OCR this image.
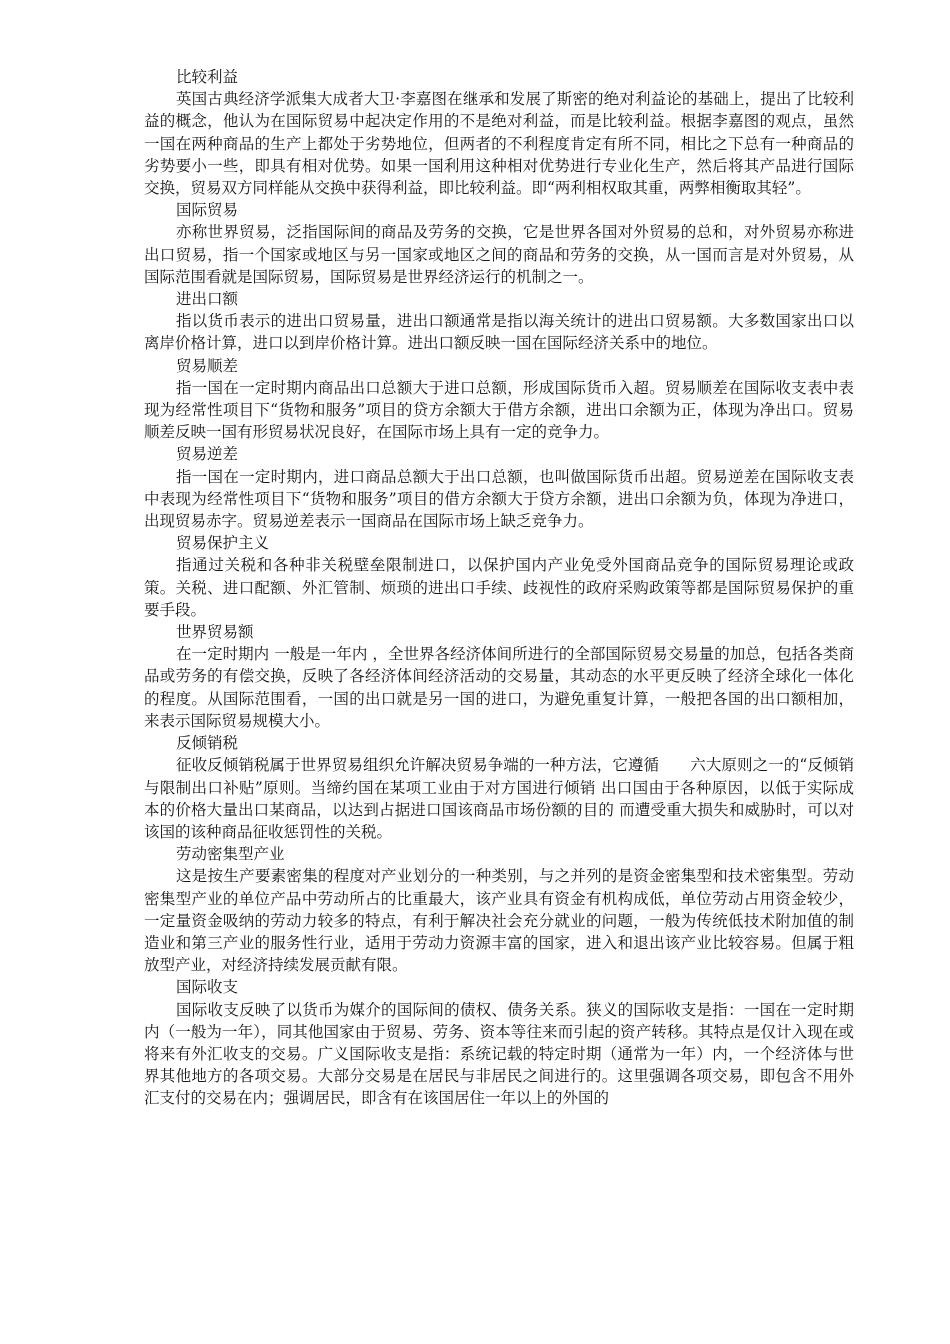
比较利益

英国古典经济学派集大成者大卫·李嘉图在继承和发展了斯密的绝对利益论的基础上，提出了比较利益的概念，他认为在国际贸易中起决定作用的不是绝对利益，而是比较利益。根据李嘉图的观点，虽然一国在两种商品的生产上都处于劣势地位，但两者的不利程度肯定有所不同，相比之下总有一种商品的劣势要小一些，即具有相对优势。如果一国利用这种相对优势进行专业化生产，然后将其产品进行国际交换，贸易双方同样能从交换中获得利益，即比较利益。即“两利相权取其重，两弊相衡取其轻”。

国际贸易

亦称世界贸易，泛指国际间的商品及劳务的交换，它是世界各国对外贸易的总和，对外贸易亦称进出口贸易，指一个国家或地区与另一国家或地区之间的商品和劳务的交换，从一国而言是对外贸易，从国际范围看就是国际贸易，国际贸易是世界经济运行的机制之一。

进出口额

指以货币表示的进出口贸易量，进出口额通常是指以海关统计的进出口贸易额。大多数国家出口以离岸价格计算，进口以到岸价格计算。进出口额反映一国在国际经济关系中的地位。

贸易顺差

指一国在一定时期内商品出口总额大于进口总额，形成国际货币入超。贸易顺差在国际收支表中表现为经常性项目下“货物和服务”项目的贷方余额大于借方余额，进出口余额为正，体现为净出口。贸易顺差反映一国有形贸易状况良好，在国际市场上具有一定的竞争力。

贸易逆差

指一国在一定时期内，进口商品总额大于出口总额，也叫做国际货币出超。贸易逆差在国际收支表中表现为经常性项目下“货物和服务”项目的借方余额大于贷方余额，进出口余额为负，体现为净进口，出现贸易赤字。贸易逆差表示一国商品在国际市场上缺乏竞争力。

贸易保护主义

指通过关税和各种非关税壁垒限制进口，以保护国内产业免受外国商品竞争的国际贸易理论或政策。关税、进口配额、外汇管制、烦琐的进出口手续、歧视性的政府采购政策等都是国际贸易保护的重要手段。

世界贸易额

在一定时期内 一般是一年内 ，全世界各经济体间所进行的全部国际贸易交易量的加总，包括各类商品或劳务的有偿交换，反映了各经济体间经济活动的交易量，其动态的水平更反映了经济全球化一体化的程度。从国际范围看，一国的出口就是另一国的进口，为避免重复计算，一般把各国的出口额相加，来表示国际贸易规模大小。

反倾销税

征收反倾销税属于世界贸易组织允许解决贸易争端的一种方法，它遵循　　六大原则之一的“反倾销与限制出口补贴”原则。当缔约国在某项工业由于对方国进行倾销 出口国由于各种原因，以低于实际成本的价格大量出口某商品，以达到占据进口国该商品市场份额的目的 而遭受重大损失和威胁时，可以对该国的该种商品征收惩罚性的关税。

劳动密集型产业

这是按生产要素密集的程度对产业划分的一种类别，与之并列的是资金密集型和技术密集型。劳动密集型产业的单位产品中劳动所占的比重最大，该产业具有资金有机构成低，单位劳动占用资金较少，一定量资金吸纳的劳动力较多的特点，有利于解决社会充分就业的问题，一般为传统低技术附加值的制造业和第三产业的服务性行业，适用于劳动力资源丰富的国家，进入和退出该产业比较容易。但属于粗放型产业，对经济持续发展贡献有限。

国际收支

国际收支反映了以货币为媒介的国际间的债权、债务关系。狭义的国际收支是指：一国在一定时期内（一般为一年），同其他国家由于贸易、劳务、资本等往来而引起的资产转移。其特点是仅计入现在或将来有外汇收支的交易。广义国际收支是指：系统记载的特定时期（通常为一年）内，一个经济体与世界其他地方的各项交易。大部分交易是在居民与非居民之间进行的。这里强调各项交易，即包含不用外汇支付的交易在内；强调居民，即含有在该国居住一年以上的外国的
